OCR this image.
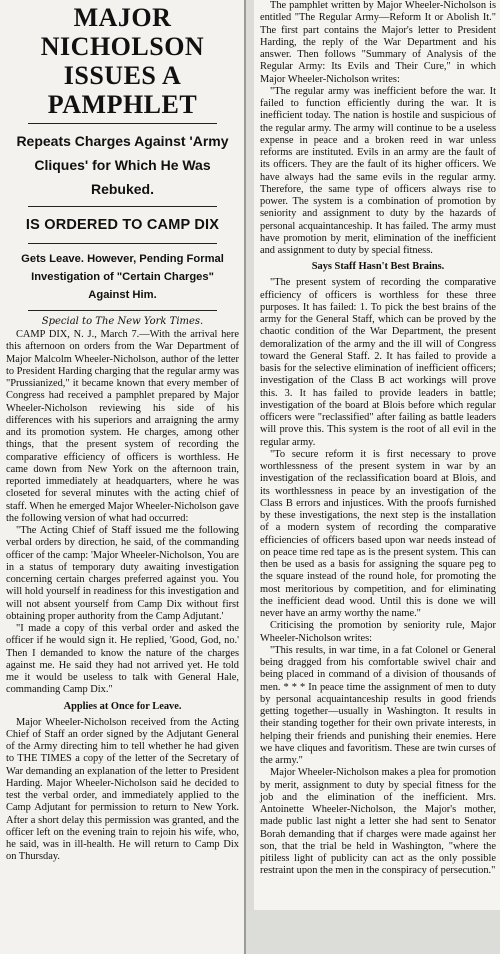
MAJOR NICHOLSON
ISSUES A PAMPHLET

Repeats Charges Against 'Army Cliques' for Which He Was Rebuked.

IS ORDERED TO CAMP DIX

Gets Leave. However, Pending Formal Investigation of "Certain Charges" Against Him.

Special to The New York Times.

CAMP DIX, N. J., March 7.—With the arrival here this afternoon on orders from the War Department of Major Malcolm Wheeler-Nicholson, author of the letter to President Harding charging that the regular army was "Prussianized," it became known that every member of Congress had received a pamphlet prepared by Major Wheeler-Nicholson reviewing his side of his differences with his superiors and arraigning the army and its promotion system. He charges, among other things, that the present system of recording the comparative efficiency of officers is worthless. He came down from New York on the afternoon train, reported immediately at headquarters, where he was closeted for several minutes with the acting chief of staff. When he emerged Major Wheeler-Nicholson gave the following version of what had occurred:

"The Acting Chief of Staff issued me the following verbal orders by direction, he said, of the commanding officer of the camp: 'Major Wheeler-Nicholson, You are in a status of temporary duty awaiting investigation concerning certain charges preferred against you. You will hold yourself in readiness for this investigation and will not absent yourself from Camp Dix without first obtaining proper authority from the Camp Adjutant.'

"I made a copy of this verbal order and asked the officer if he would sign it. He replied, 'Good, God, no.' Then I demanded to know the nature of the charges against me. He said they had not arrived yet. He told me it would be useless to talk with General Hale, commanding Camp Dix."

Applies at Once for Leave.

Major Wheeler-Nicholson received from the Acting Chief of Staff an order signed by the Adjutant General of the Army directing him to tell whether he had given to THE TIMES a copy of the letter of the Secretary of War demanding an explanation of the letter to President Harding. Major Wheeler-Nicholson said he decided to test the verbal order, and immediately applied to the Camp Adjutant for permission to return to New York. After a short delay this permission was granted, and the officer left on the evening train to rejoin his wife, who, he said, was in ill-health. He will return to Camp Dix on Thursday.

The pamphlet written by Major Wheeler-Nicholson is entitled "The Regular Army—Reform It or Abolish It." The first part contains the Major's letter to President Harding, the reply of the War Department and his answer. Then follows "Summary of Analysis of the Regular Army: Its Evils and Their Cure," in which Major Wheeler-Nicholson writes:

"The regular army was inefficient before the war. It failed to function efficiently during the war. It is inefficient today. The nation is hostile and suspicious of the regular army. The army will continue to be a useless expense in peace and a broken reed in war unless reforms are instituted. Evils in an army are the fault of its officers. They are the fault of its higher officers. We have always had the same evils in the regular army. Therefore, the same type of officers always rise to power. The system is a combination of promotion by seniority and assignment to duty by the hazards of personal acquaintanceship. It has failed. The army must have promotion by merit, elimination of the inefficient and assignment to duty by special fitness.

Says Staff Hasn't Best Brains.

"The present system of recording the comparative efficiency of officers is worthless for these three purposes. It has failed: 1. To pick the best brains of the army for the General Staff, which can be proved by the chaotic condition of the War Department, the present demoralization of the army and the ill will of Congress toward the General Staff. 2. It has failed to provide a basis for the selective elimination of inefficient officers; investigation of the Class B act workings will prove this. 3. It has failed to provide leaders in battle; investigation of the board at Blois before which regular officers were "reclassified" after failing as battle leaders will prove this. This system is the root of all evil in the regular army.

"To secure reform it is first necessary to prove worthlessness of the present system in war by an investigation of the reclassification board at Blois, and its worthlessness in peace by an investigation of the Class B errors and injustices. With the proofs furnished by these investigations, the next step is the installation of a modern system of recording the comparative efficiencies of officers based upon war needs instead of on peace time red tape as is the present system. This can then be used as a basis for assigning the square peg to the square instead of the round hole, for promoting the most meritorious by competition, and for eliminating the inefficient dead wood. Until this is done we will never have an army worthy the name."

Criticising the promotion by seniority rule, Major Wheeler-Nicholson writes:

"This results, in war time, in a fat Colonel or General being dragged from his comfortable swivel chair and being placed in command of a division of thousands of men. * * * In peace time the assignment of men to duty by personal acquaintanceship results in good friends getting together—usually in Washington. It results in their standing together for their own private interests, in helping their friends and punishing their enemies. Here we have cliques and favoritism. These are twin curses of the army."

Major Wheeler-Nicholson makes a plea for promotion by merit, assignment to duty by special fitness for the job and the elimination of the inefficient. Mrs. Antoinette Wheeler-Nicholson, the Major's mother, made public last night a letter she had sent to Senator Borah demanding that if charges were made against her son, that the trial be held in Washington, "where the pitiless light of publicity can act as the only possible restraint upon the men in the conspiracy of persecution."
